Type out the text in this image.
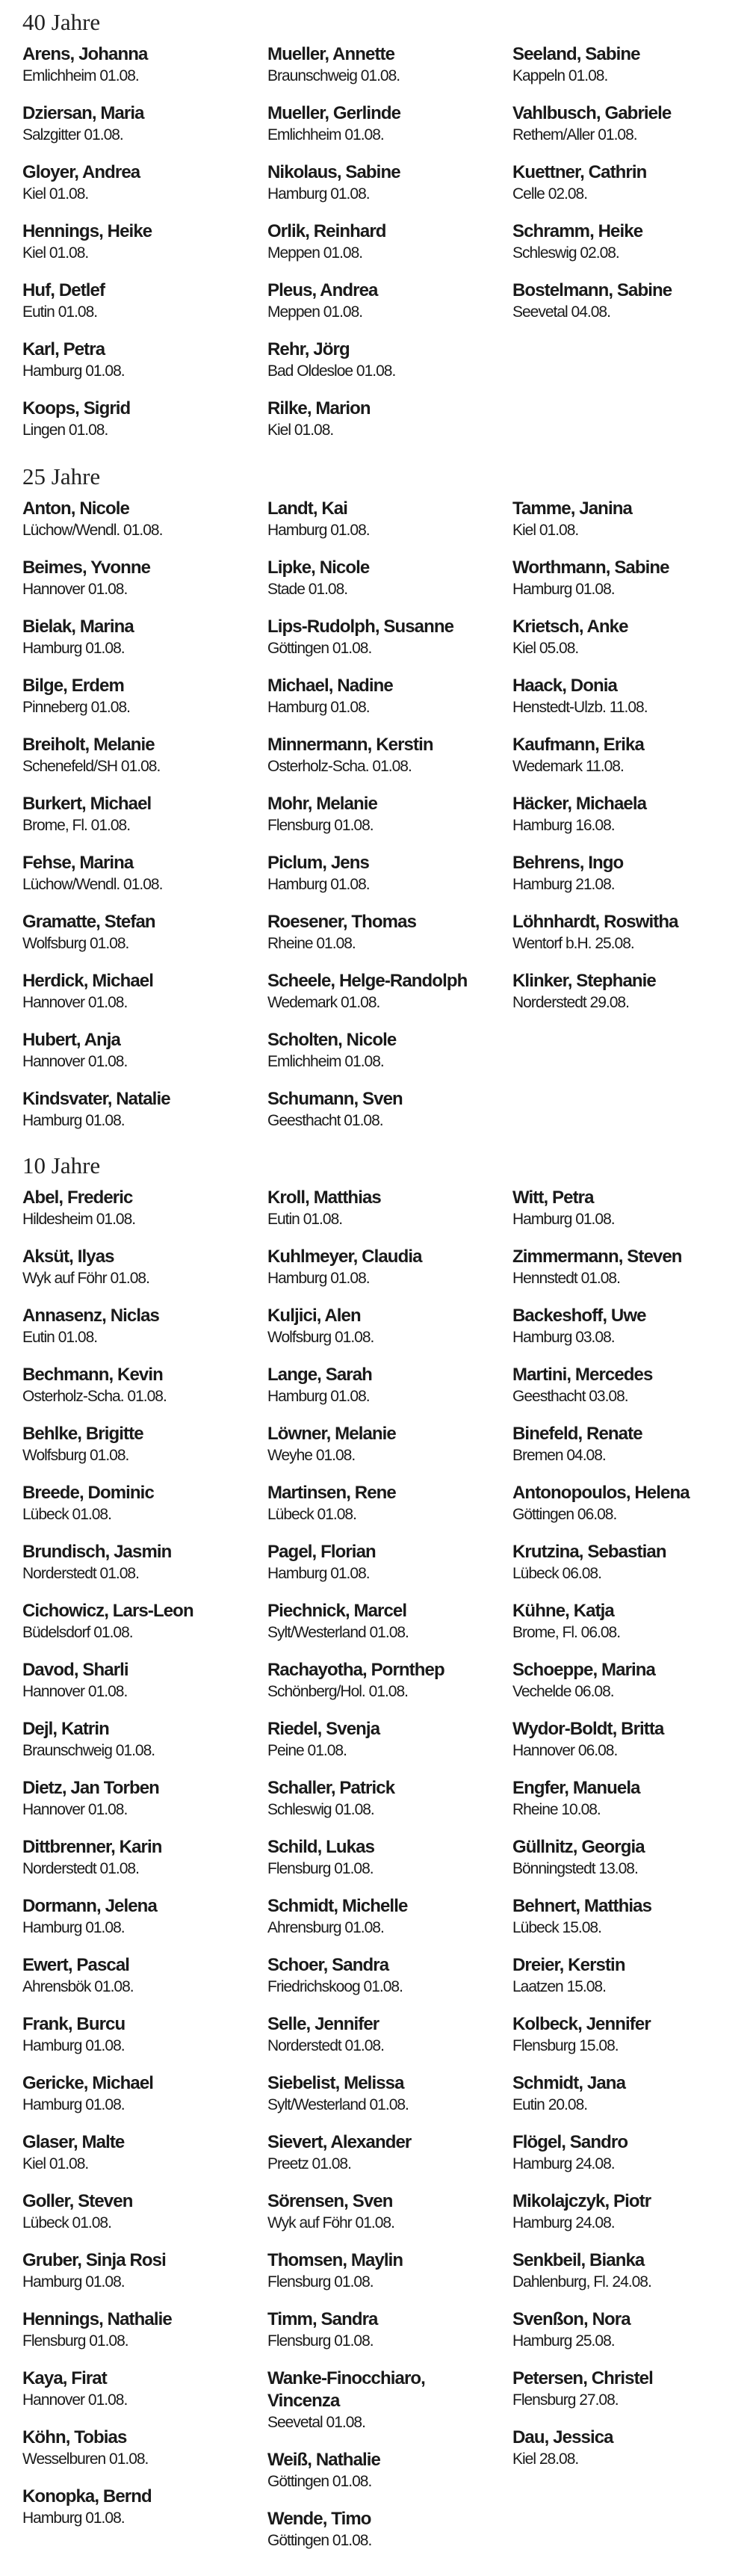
40 Jahre
Arens, Johanna
Emlichheim 01.08.
Dziersan, Maria
Salzgitter 01.08.
Gloyer, Andrea
Kiel 01.08.
Hennings, Heike
Kiel 01.08.
Huf, Detlef
Eutin 01.08.
Karl, Petra
Hamburg 01.08.
Koops, Sigrid
Lingen 01.08.
Mueller, Annette
Braunschweig 01.08.
Mueller, Gerlinde
Emlichheim 01.08.
Nikolaus, Sabine
Hamburg 01.08.
Orlik, Reinhard
Meppen 01.08.
Pleus, Andrea
Meppen 01.08.
Rehr, Jörg
Bad Oldesloe 01.08.
Rilke, Marion
Kiel 01.08.
Seeland, Sabine
Kappeln 01.08.
Vahlbusch, Gabriele
Rethem/Aller 01.08.
Kuettner, Cathrin
Celle 02.08.
Schramm, Heike
Schleswig 02.08.
Bostelmann, Sabine
Seevetal 04.08.
25 Jahre
Anton, Nicole
Lüchow/Wendl. 01.08.
Beimes, Yvonne
Hannover 01.08.
Bielak, Marina
Hamburg 01.08.
Bilge, Erdem
Pinneberg 01.08.
Breiholt, Melanie
Schenefeld/SH 01.08.
Burkert, Michael
Brome, Fl. 01.08.
Fehse, Marina
Lüchow/Wendl. 01.08.
Gramatte, Stefan
Wolfsburg 01.08.
Herdick, Michael
Hannover 01.08.
Hubert, Anja
Hannover 01.08.
Kindsvater, Natalie
Hamburg 01.08.
Landt, Kai
Hamburg 01.08.
Lipke, Nicole
Stade 01.08.
Lips-Rudolph, Susanne
Göttingen 01.08.
Michael, Nadine
Hamburg 01.08.
Minnermann, Kerstin
Osterholz-Scha. 01.08.
Mohr, Melanie
Flensburg 01.08.
Piclum, Jens
Hamburg 01.08.
Roesener, Thomas
Rheine 01.08.
Scheele, Helge-Randolph
Wedemark 01.08.
Scholten, Nicole
Emlichheim 01.08.
Schumann, Sven
Geesthacht 01.08.
Tamme, Janina
Kiel 01.08.
Worthmann, Sabine
Hamburg 01.08.
Krietsch, Anke
Kiel 05.08.
Haack, Donia
Henstedt-Ulzb. 11.08.
Kaufmann, Erika
Wedemark 11.08.
Häcker, Michaela
Hamburg 16.08.
Behrens, Ingo
Hamburg 21.08.
Löhnhardt, Roswitha
Wentorf b.H. 25.08.
Klinker, Stephanie
Norderstedt 29.08.
10 Jahre
Abel, Frederic
Hildesheim 01.08.
Aksüt, Ilyas
Wyk auf Föhr 01.08.
Annasenz, Niclas
Eutin 01.08.
Bechmann, Kevin
Osterholz-Scha. 01.08.
Behlke, Brigitte
Wolfsburg 01.08.
Breede, Dominic
Lübeck 01.08.
Brundisch, Jasmin
Norderstedt 01.08.
Cichowicz, Lars-Leon
Büdelsdorf 01.08.
Davod, Sharli
Hannover 01.08.
Dejl, Katrin
Braunschweig 01.08.
Dietz, Jan Torben
Hannover 01.08.
Dittbrenner, Karin
Norderstedt 01.08.
Dormann, Jelena
Hamburg 01.08.
Ewert, Pascal
Ahrensbök 01.08.
Frank, Burcu
Hamburg 01.08.
Gericke, Michael
Hamburg 01.08.
Glaser, Malte
Kiel 01.08.
Goller, Steven
Lübeck 01.08.
Gruber, Sinja Rosi
Hamburg 01.08.
Hennings, Nathalie
Flensburg 01.08.
Kaya, Firat
Hannover 01.08.
Köhn, Tobias
Wesselburen 01.08.
Konopka, Bernd
Hamburg 01.08.
Kroll, Matthias
Eutin 01.08.
Kuhlmeyer, Claudia
Hamburg 01.08.
Kuljici, Alen
Wolfsburg 01.08.
Lange, Sarah
Hamburg 01.08.
Löwner, Melanie
Weyhe 01.08.
Martinsen, Rene
Lübeck 01.08.
Pagel, Florian
Hamburg 01.08.
Piechnick, Marcel
Sylt/Westerland 01.08.
Rachayotha, Pornthep
Schönberg/Hol. 01.08.
Riedel, Svenja
Peine 01.08.
Schaller, Patrick
Schleswig 01.08.
Schild, Lukas
Flensburg 01.08.
Schmidt, Michelle
Ahrensburg 01.08.
Schoer, Sandra
Friedrichskoog 01.08.
Selle, Jennifer
Norderstedt 01.08.
Siebelist, Melissa
Sylt/Westerland 01.08.
Sievert, Alexander
Preetz 01.08.
Sörensen, Sven
Wyk auf Föhr 01.08.
Thomsen, Maylin
Flensburg 01.08.
Timm, Sandra
Flensburg 01.08.
Wanke-Finocchiaro, Vincenza
Seevetal 01.08.
Weiß, Nathalie
Göttingen 01.08.
Wende, Timo
Göttingen 01.08.
Witt, Petra
Hamburg 01.08.
Zimmermann, Steven
Hennstedt 01.08.
Backeshoff, Uwe
Hamburg 03.08.
Martini, Mercedes
Geesthacht 03.08.
Binefeld, Renate
Bremen 04.08.
Antonopoulos, Helena
Göttingen 06.08.
Krutzina, Sebastian
Lübeck 06.08.
Kühne, Katja
Brome, Fl. 06.08.
Schoeppe, Marina
Vechelde 06.08.
Wydor-Boldt, Britta
Hannover 06.08.
Engfer, Manuela
Rheine 10.08.
Güllnitz, Georgia
Bönningstedt 13.08.
Behnert, Matthias
Lübeck 15.08.
Dreier, Kerstin
Laatzen 15.08.
Kolbeck, Jennifer
Flensburg 15.08.
Schmidt, Jana
Eutin 20.08.
Flögel, Sandro
Hamburg 24.08.
Mikolajczyk, Piotr
Hamburg 24.08.
Senkbeil, Bianka
Dahlenburg, Fl. 24.08.
Svenßon, Nora
Hamburg 25.08.
Petersen, Christel
Flensburg 27.08.
Dau, Jessica
Kiel 28.08.
